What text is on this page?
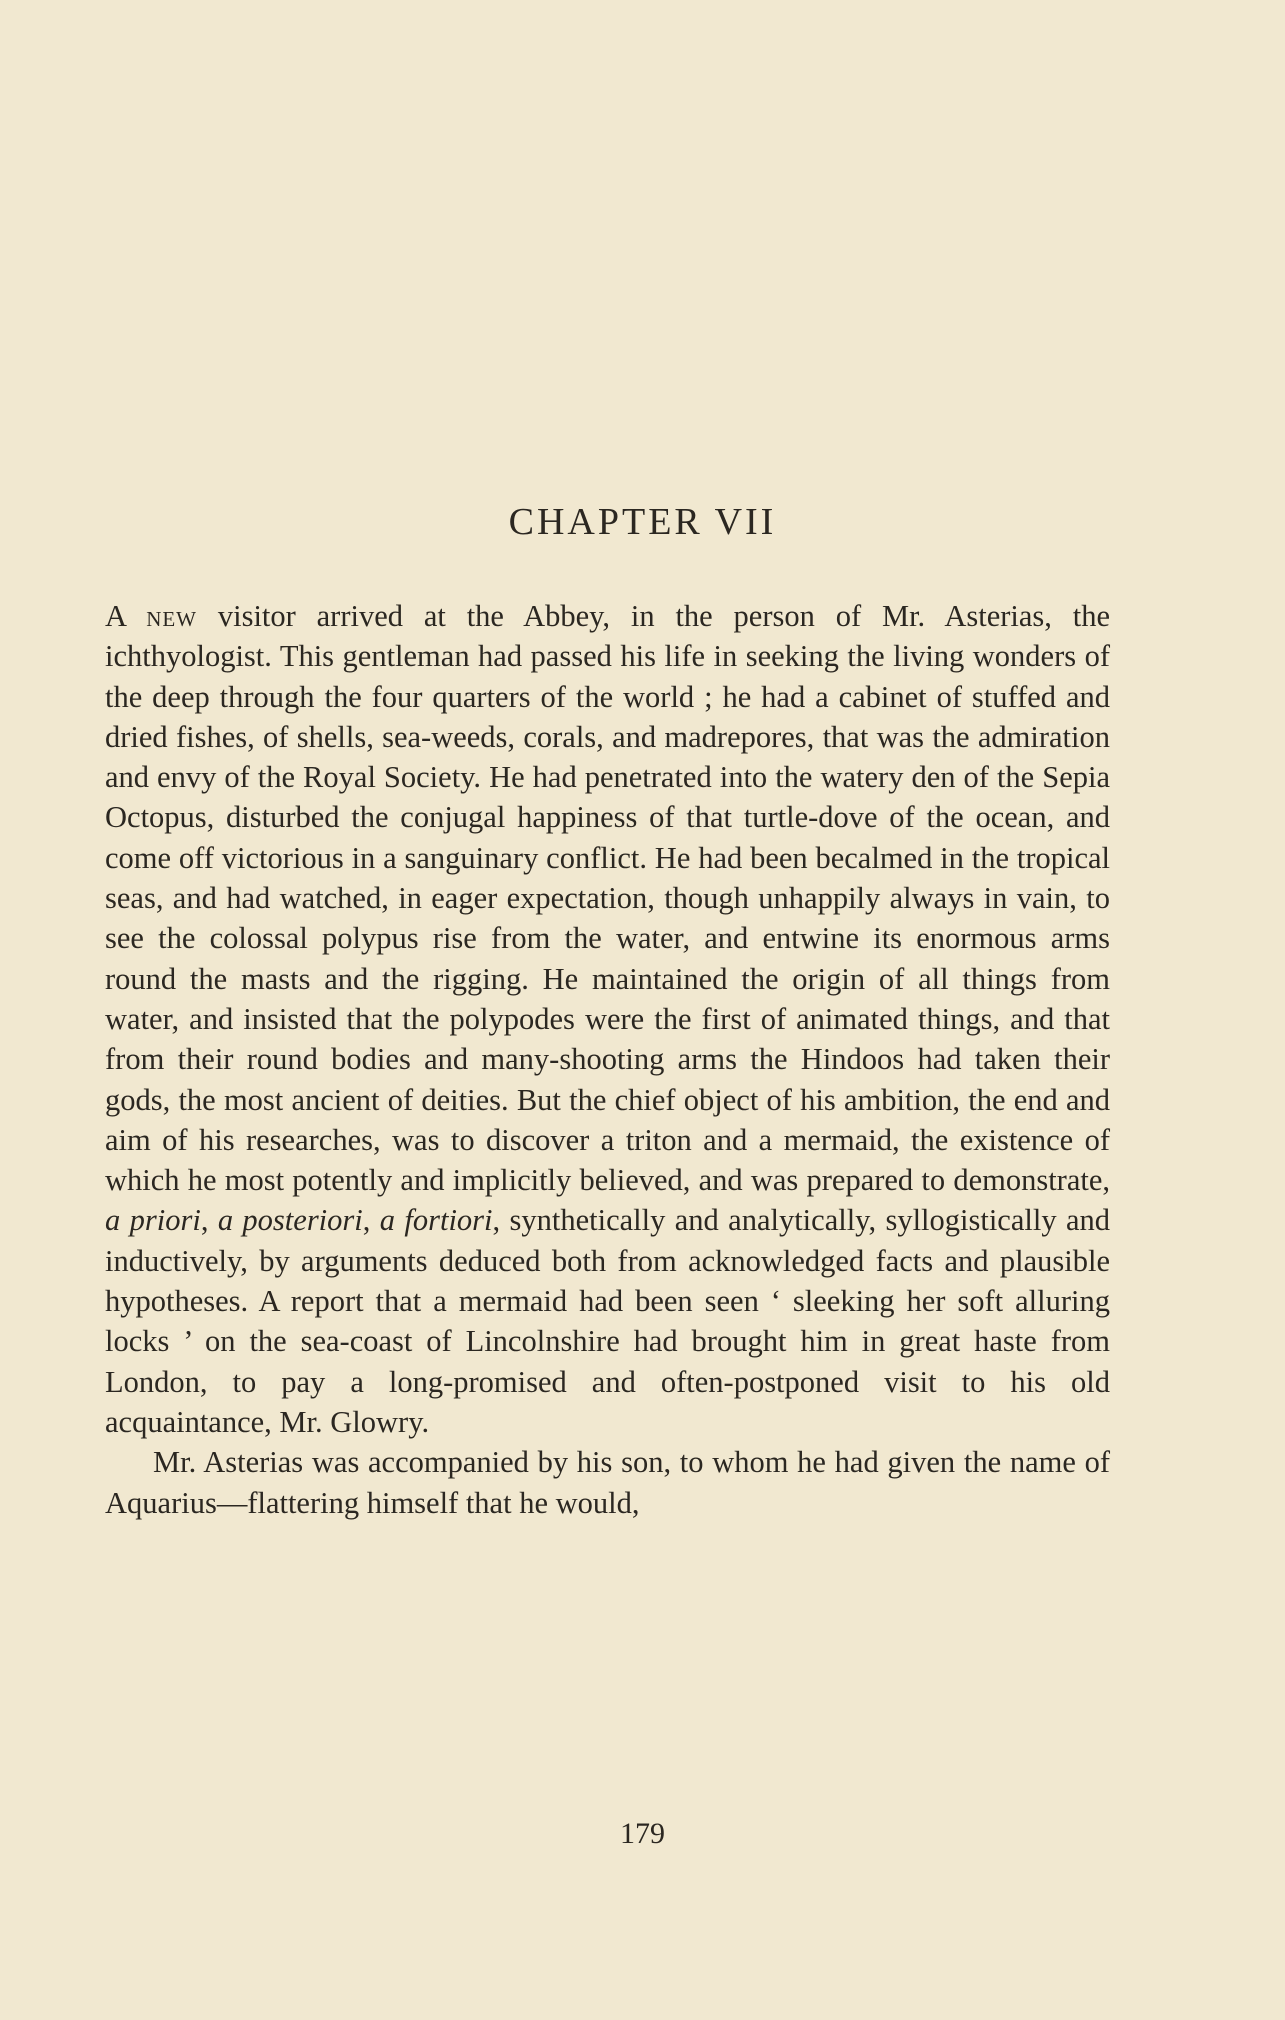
CHAPTER VII

A new visitor arrived at the Abbey, in the person of Mr. Asterias, the ichthyologist. This gentleman had passed his life in seeking the living wonders of the deep through the four quarters of the world ; he had a cabinet of stuffed and dried fishes, of shells, sea-weeds, corals, and madrepores, that was the admiration and envy of the Royal Society. He had penetrated into the watery den of the Sepia Octopus, disturbed the conjugal happiness of that turtle-dove of the ocean, and come off victorious in a sanguinary conflict. He had been becalmed in the tropical seas, and had watched, in eager expectation, though unhappily always in vain, to see the colossal polypus rise from the water, and entwine its enormous arms round the masts and the rigging. He maintained the origin of all things from water, and insisted that the polypodes were the first of animated things, and that from their round bodies and many-shooting arms the Hindoos had taken their gods, the most ancient of deities. But the chief object of his ambition, the end and aim of his researches, was to discover a triton and a mermaid, the existence of which he most potently and implicitly believed, and was prepared to demonstrate, a priori, a posteriori, a fortiori, synthetically and analytically, syllogistically and inductively, by arguments deduced both from acknowledged facts and plausible hypotheses. A report that a mermaid had been seen ‘ sleeking her soft alluring locks ’ on the sea-coast of Lincolnshire had brought him in great haste from London, to pay a long-promised and often-postponed visit to his old acquaintance, Mr. Glowry.

Mr. Asterias was accompanied by his son, to whom he had given the name of Aquarius—flattering himself that he would,

179
